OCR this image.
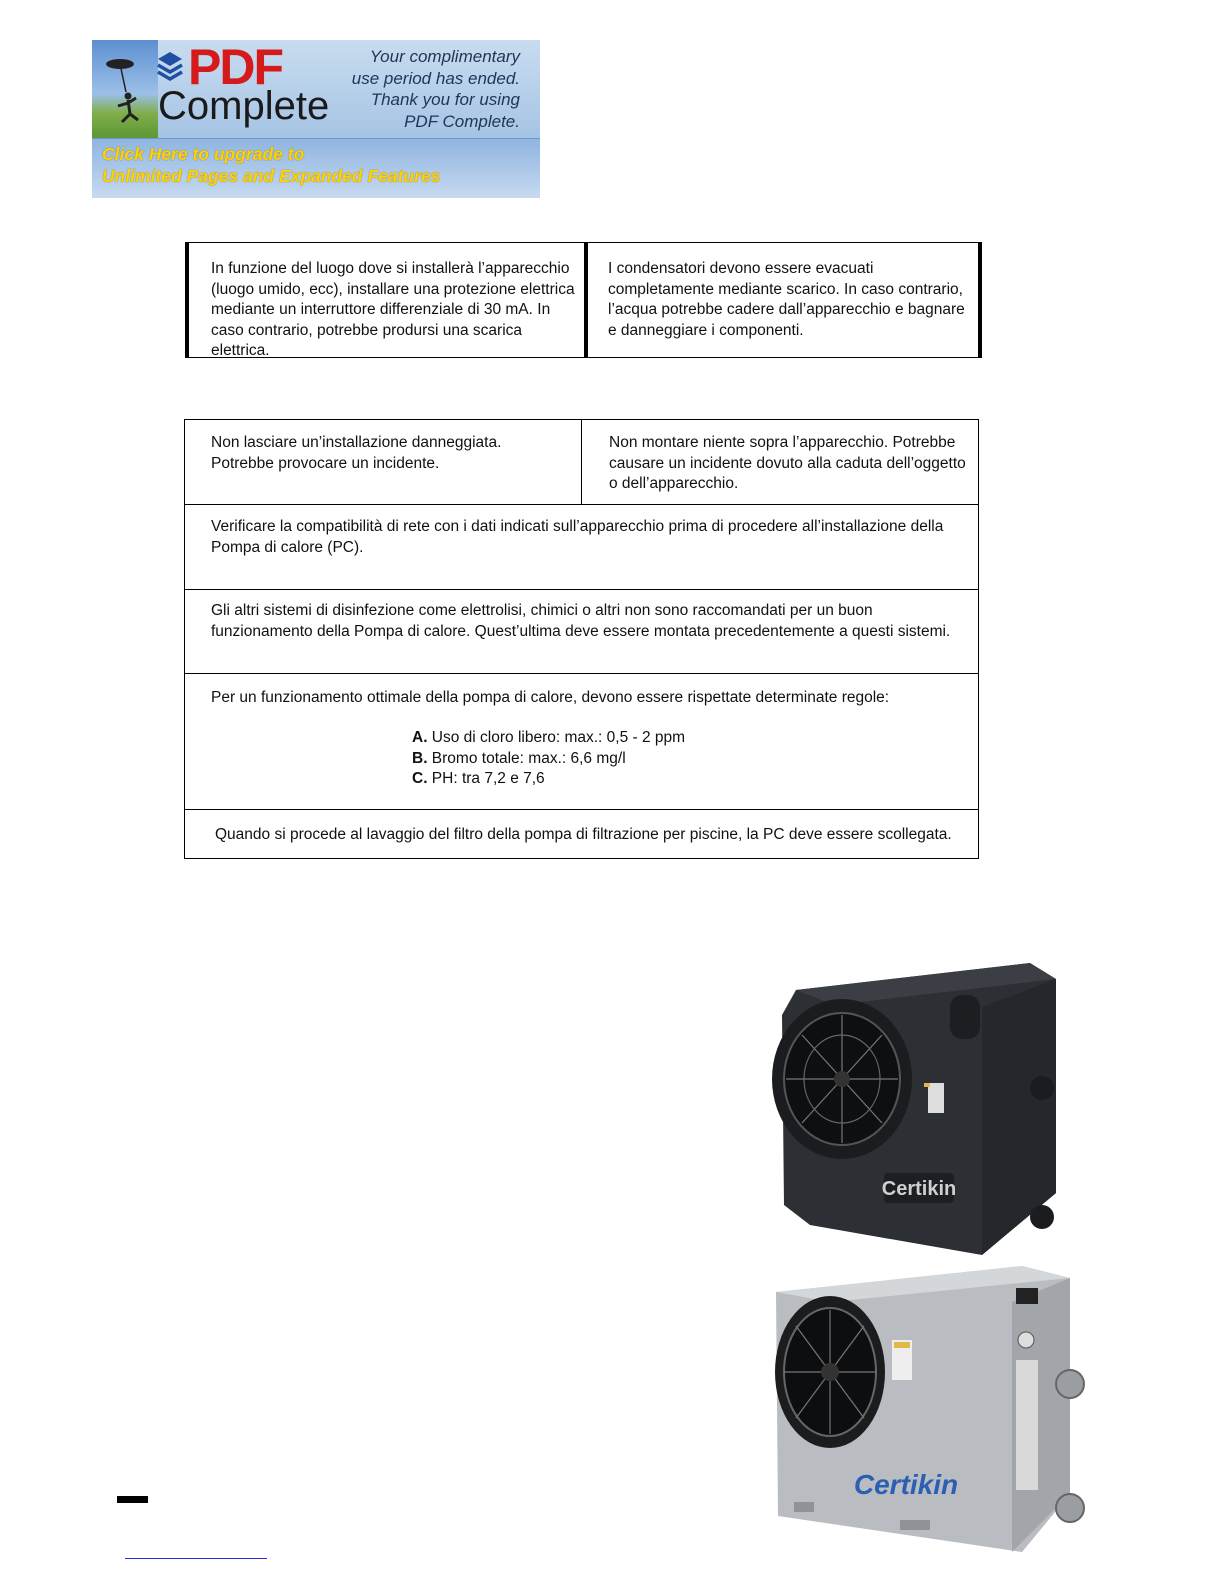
PDF
Complete
Your complimentary
use period has ended.
Thank you for using
PDF Complete.
Click Here to upgrade to
Unlimited Pages and Expanded Features
In funzione del luogo dove si installerà l’apparecchio
(luogo umido, ecc), installare una protezione elettrica
mediante un interruttore differenziale di 30 mA. In
caso contrario, potrebbe prodursi una scarica elettrica.
I condensatori devono essere evacuati
completamente mediante scarico. In caso contrario,
l’acqua potrebbe cadere dall’apparecchio e bagnare
e danneggiare i componenti.
Non lasciare un’installazione danneggiata.
Potrebbe provocare un incidente.
Non montare niente sopra l’apparecchio. Potrebbe
causare un incidente dovuto alla caduta dell’oggetto
o dell’apparecchio.
Verificare la compatibilità di rete con i dati indicati sull’apparecchio prima di procedere all’installazione della
Pompa di calore (PC).
Gli altri sistemi di disinfezione come elettrolisi, chimici o altri non sono raccomandati per un buon
funzionamento della Pompa di calore. Quest’ultima deve essere montata precedentemente a questi sistemi.
Per un funzionamento ottimale della pompa di calore, devono essere rispettate determinate regole:
A. Uso di cloro libero: max.: 0,5 - 2 ppm
B. Bromo totale: max.: 6,6 mg/l
C. PH: tra 7,2 e 7,6
Quando si procede al lavaggio del filtro della pompa di filtrazione per piscine, la PC deve essere scollegata.
Certikin
Certikin
